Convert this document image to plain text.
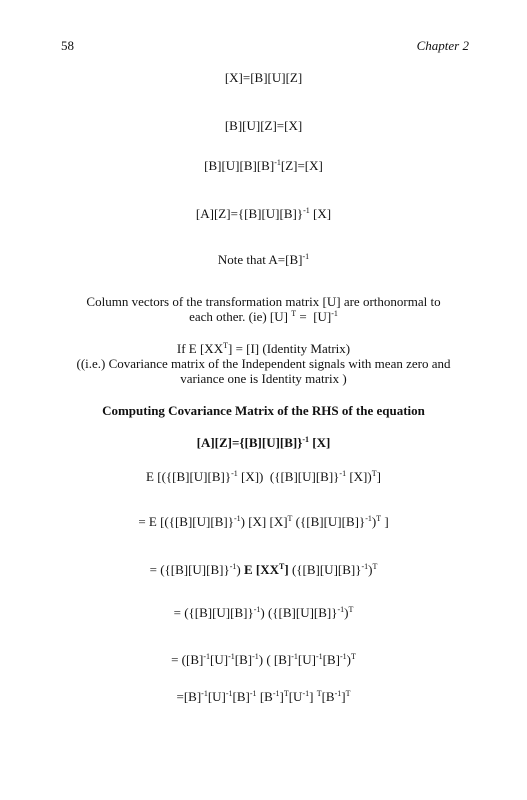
58	Chapter 2
[X]=[B][U][Z]
[B][U][Z]=[X]
$[B][U][B][B]^{-1}[Z]=[X]$
$[A][Z]=\{[B][U][B]\}^{-1}$ [X]
Note that $A=[B]^{-1}$
Column vectors of the transformation matrix [U] are orthonormal to
each other. (ie) [U] $^T = [U]^{-1}$
If E $[XX^T] = [I]$ (Identity Matrix)
((i.e.) Covariance matrix of the Independent signals with mean zero and
variance one is Identity matrix )
Computing Covariance Matrix of the RHS of the equation
$[A][Z]=\{[B][U][B]\}^{-1}$ [X]
E [($\{[B][U][B]\}^{-1}$ [X])  ($\{[B][U][B]\}^{-1}$ [X])$^T$]
= E [$(\{[B][U][B]\}^{-1})$ [X] $[X]^T$ $(\{[B][U][B]\}^{-1})^T$ ]
= $(\{[B][U][B]\}^{-1})$ E $[XX^T]$ $(\{[B][U][B]\}^{-1})^T$
= $(\{[B][U][B]\}^{-1})$ $(\{[B][U][B]\}^{-1})^T$
= $([B]^{-1}[U]^{-1}[B]^{-1})$ ( $[B]^{-1}[U]^{-1}[B]^{-1})^T$
$=[B]^{-1}[U]^{-1}[B]^{-1}$ $[B^{-1}]^T[U^{-1}]$ $^T[B^{-1}]^T$
